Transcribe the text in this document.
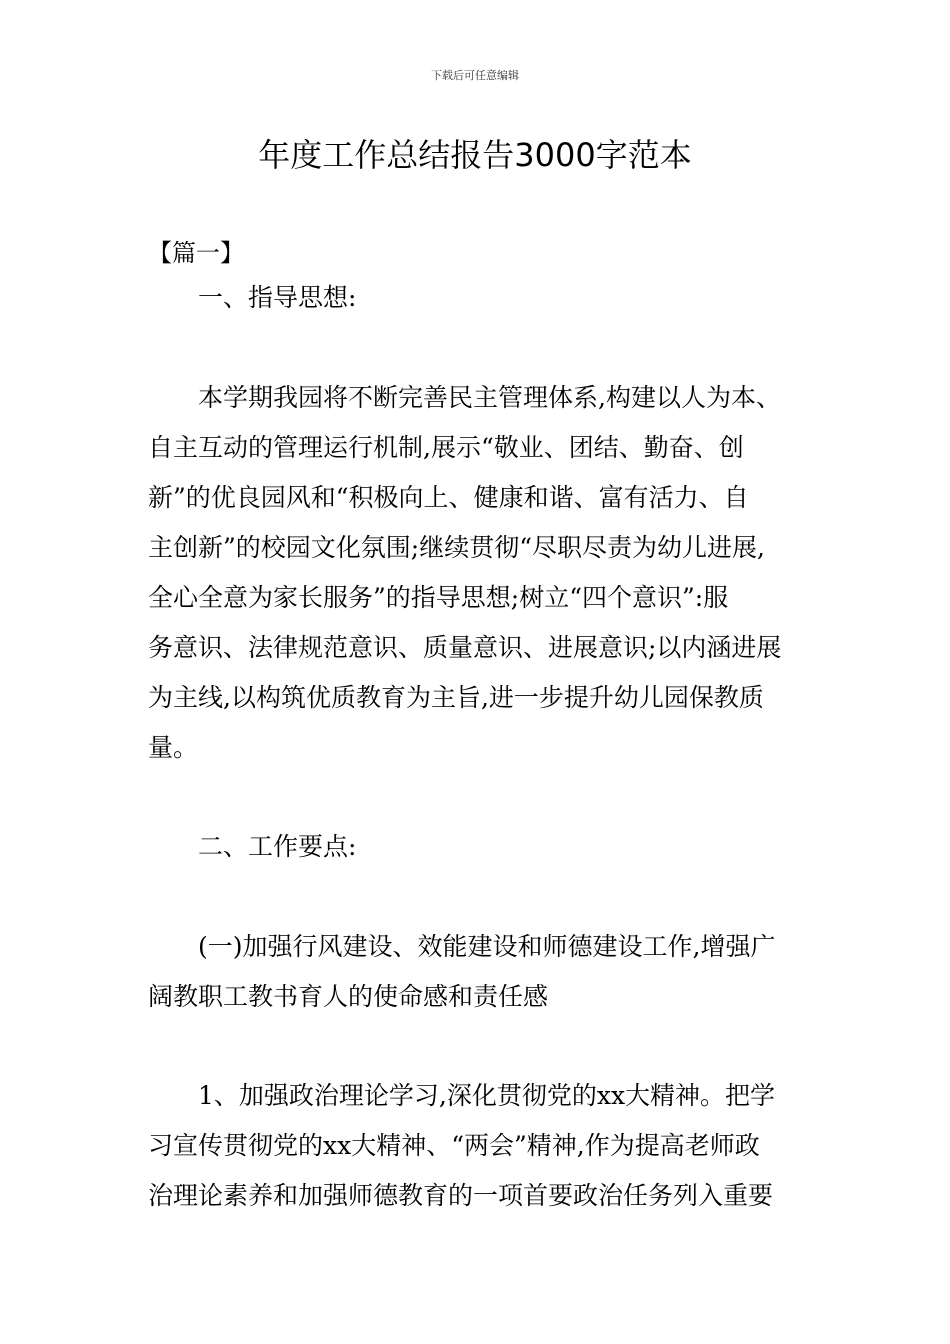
下载后可任意编辑
年度工作总结报告3000字范本
【篇一】
一、指导思想:
本学期我园将不断完善民主管理体系,构建以人为本、
自主互动的管理运行机制,展示“敬业、团结、勤奋、创
新”的优良园风和“积极向上、健康和谐、富有活力、自
主创新”的校园文化氛围;继续贯彻“尽职尽责为幼儿进展,
全心全意为家长服务”的指导思想;树立“四个意识”:服
务意识、法律规范意识、质量意识、进展意识;以内涵进展
为主线,以构筑优质教育为主旨,进一步提升幼儿园保教质
量。
二、工作要点:
(一)加强行风建设、效能建设和师德建设工作,增强广
阔教职工教书育人的使命感和责任感
1、加强政治理论学习,深化贯彻党的xx大精神。把学
习宣传贯彻党的xx大精神、“两会”精神,作为提高老师政
治理论素养和加强师德教育的一项首要政治任务列入重要
